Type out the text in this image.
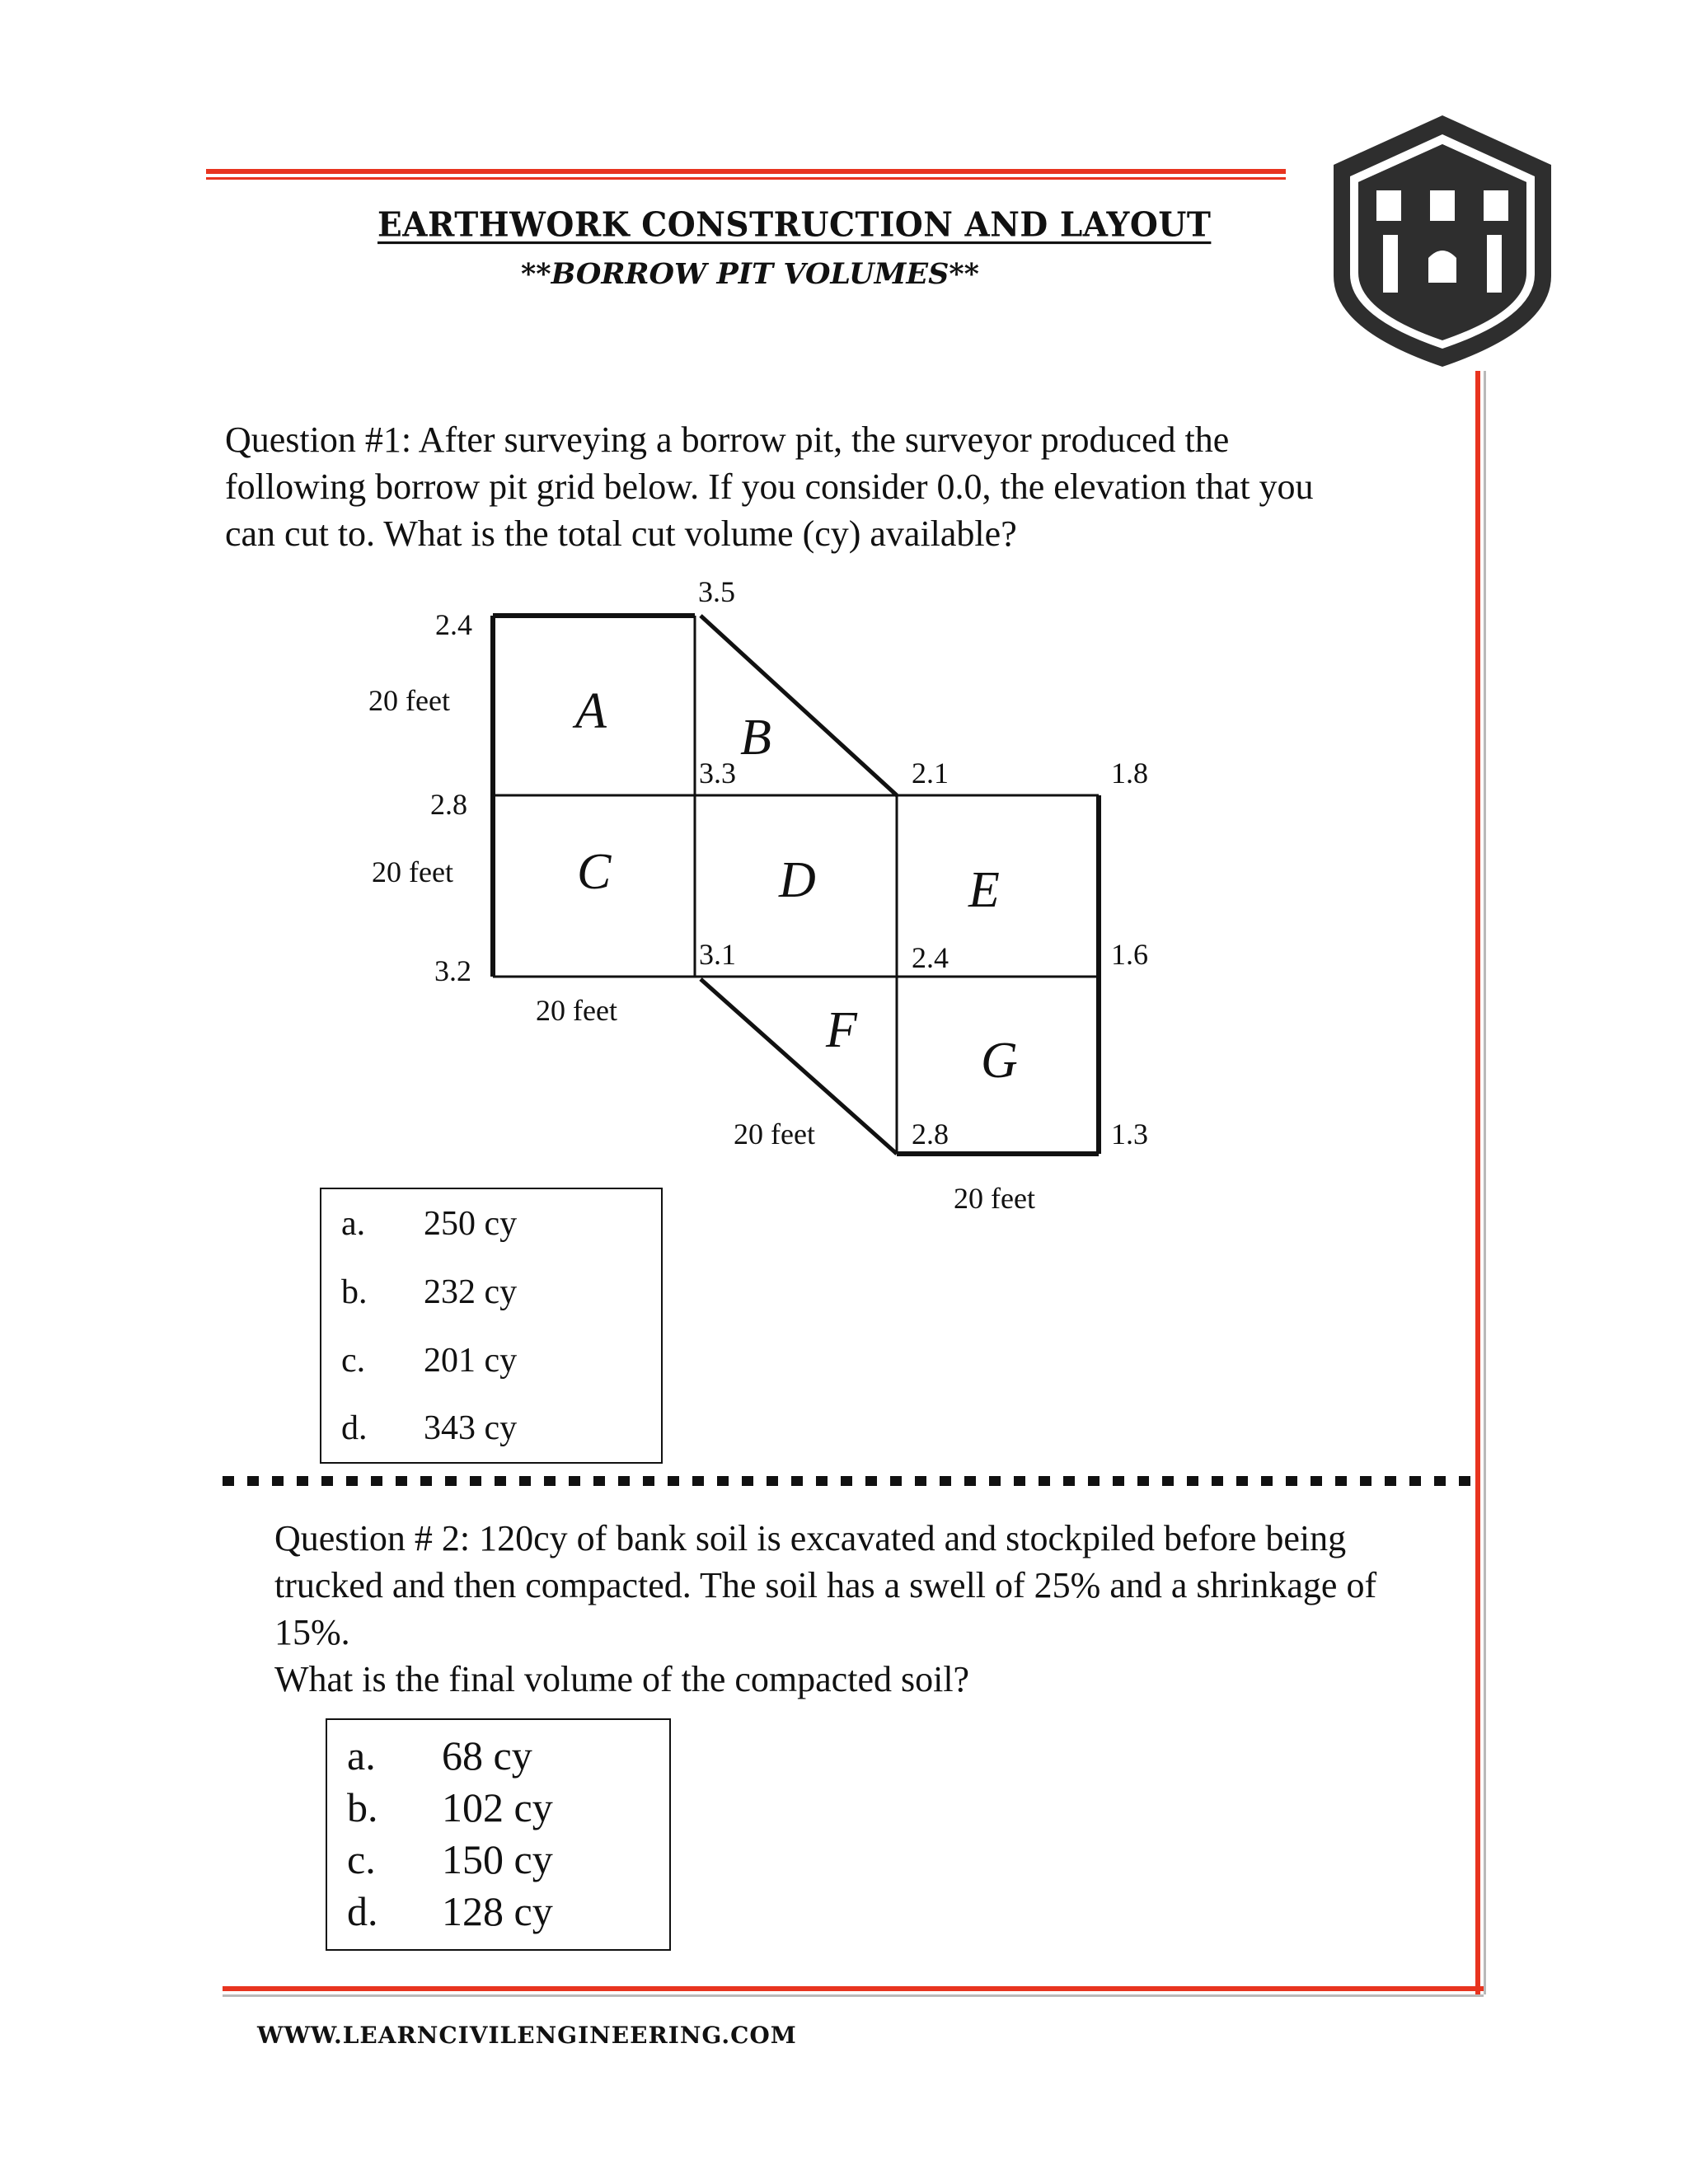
EARTHWORK CONSTRUCTION AND LAYOUT
**BORROW PIT VOLUMES**
Question #1: After surveying a borrow pit, the surveyor produced the
following borrow pit grid below. If you consider 0.0, the elevation that you
can cut to. What is the total cut volume (cy) available?
2.4
3.5
2.8
3.3	2.1	1.8
3.2	3.1	2.4	1.6
2.8	1.3
20 feet
20 feet
20 feet
20 feet
20 feet
A	B
C	D	E
F
G
a. 250 cy
b. 232 cy
c. 201 cy
d. 343 cy
Question # 2: 120cy of bank soil is excavated and stockpiled before being
trucked and then compacted. The soil has a swell of 25% and a shrinkage of
15%.
What is the final volume of the compacted soil?
a. 68 cy
b. 102 cy
c. 150 cy
d. 128 cy
WWW.LEARNCIVILENGINEERING.COM
